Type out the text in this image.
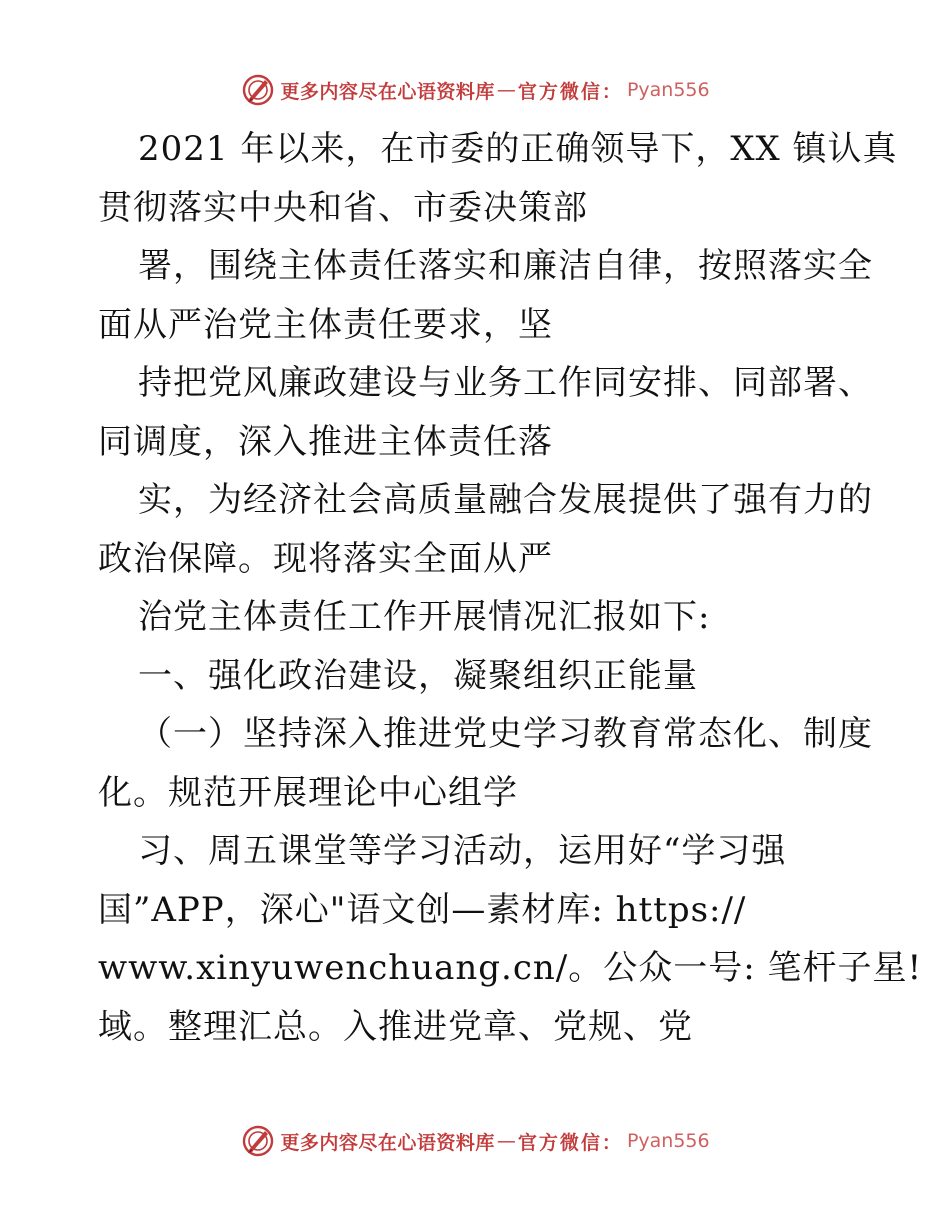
更多内容尽在心语资料库 — 官方微信： Pyan556
2021 年以来，在市委的正确领导下，XX 镇认真
贯彻落实中央和省、市委决策部
署，围绕主体责任落实和廉洁自律，按照落实全
面从严治党主体责任要求，坚
持把党风廉政建设与业务工作同安排、同部署、
同调度，深入推进主体责任落
实，为经济社会高质量融合发展提供了强有力的
政治保障。现将落实全面从严
治党主体责任工作开展情况汇报如下:
一、强化政治建设，凝聚组织正能量
（一）坚持深入推进党史学习教育常态化、制度
化。规范开展理论中心组学
习、周五课堂等学习活动，运用好“学习强
国”APP，深心"语文创—素材库: https://
www.xinyuwenchuang.cn/。公众一号: 笔杆子星!
域。整理汇总。入推进党章、党规、党
更多内容尽在心语资料库 — 官方微信： Pyan556
